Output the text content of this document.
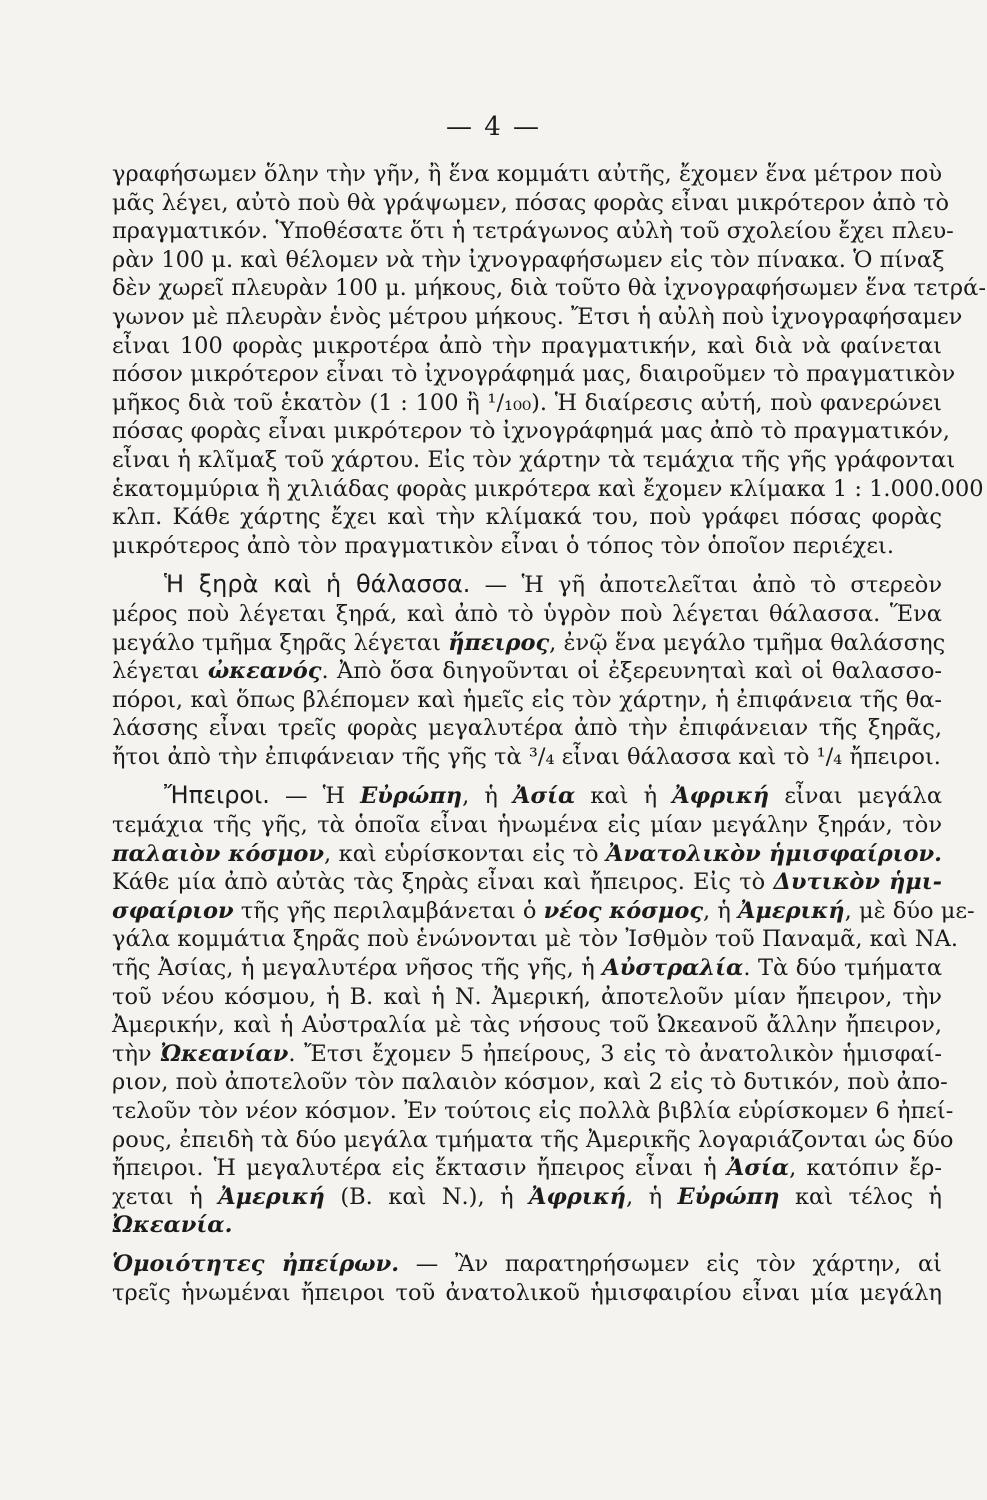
— 4 —
γραφήσωμεν ὅλην τὴν γῆν, ἢ ἕνα κομμάτι αὐτῆς, ἔχομεν ἕνα μέτρον ποὺ
μᾶς λέγει, αὐτὸ ποὺ θὰ γράψωμεν, πόσας φορὰς εἶναι μικρότερον ἀπὸ τὸ
πραγματικόν. Ὑποθέσατε ὅτι ἡ τετράγωνος αὐλὴ τοῦ σχολείου ἔχει πλευ-
ρὰν 100 μ. καὶ θέλομεν νὰ τὴν ἰχνογραφήσωμεν εἰς τὸν πίνακα. Ὁ πίναξ
δὲν χωρεῖ πλευρὰν 100 μ. μήκους, διὰ τοῦτο θὰ ἰχνογραφήσωμεν ἕνα τετρά-
γωνον μὲ πλευρὰν ἑνὸς μέτρου μήκους. Ἔτσι ἡ αὐλὴ ποὺ ἰχνογραφήσαμεν
εἶναι 100 φορὰς μικροτέρα ἀπὸ τὴν πραγματικήν, καὶ διὰ νὰ φαίνεται
πόσον μικρότερον εἶναι τὸ ἰχνογράφημά μας, διαιροῦμεν τὸ πραγματικὸν
μῆκος διὰ τοῦ ἑκατὸν (1 : 100 ἢ ¹/₁₀₀). Ἡ διαίρεσις αὐτή, ποὺ φανερώνει
πόσας φορὰς εἶναι μικρότερον τὸ ἰχνογράφημά μας ἀπὸ τὸ πραγματικόν,
εἶναι ἡ κλῖμαξ τοῦ χάρτου. Εἰς τὸν χάρτην τὰ τεμάχια τῆς γῆς γράφονται
ἑκατομμύρια ἢ χιλιάδας φορὰς μικρότερα καὶ ἔχομεν κλίμακα 1 : 1.000.000
κλπ. Κάθε χάρτης ἔχει καὶ τὴν κλίμακά του, ποὺ γράφει πόσας φορὰς
μικρότερος ἀπὸ τὸν πραγματικὸν εἶναι ὁ τόπος τὸν ὁποῖον περιέχει.
Ἡ ξηρὰ καὶ ἡ θάλασσα. — Ἡ γῆ ἀποτελεῖται ἀπὸ τὸ στερεὸν
μέρος ποὺ λέγεται ξηρά, καὶ ἀπὸ τὸ ὑγρὸν ποὺ λέγεται θάλασσα. Ἕνα
μεγάλο τμῆμα ξηρᾶς λέγεται ἤπειρος, ἐνῷ ἕνα μεγάλο τμῆμα θαλάσσης
λέγεται ὠκεανός. Ἀπὸ ὅσα διηγοῦνται οἱ ἐξερευνηταὶ καὶ οἱ θαλασσο-
πόροι, καὶ ὅπως βλέπομεν καὶ ἡμεῖς εἰς τὸν χάρτην, ἡ ἐπιφάνεια τῆς θα-
λάσσης εἶναι τρεῖς φορὰς μεγαλυτέρα ἀπὸ τὴν ἐπιφάνειαν τῆς ξηρᾶς,
ἤτοι ἀπὸ τὴν ἐπιφάνειαν τῆς γῆς τὰ ³/₄ εἶναι θάλασσα καὶ τὸ ¹/₄ ἤπειροι.
Ἤπειροι. — Ἡ Εὐρώπη, ἡ Ἀσία καὶ ἡ Ἀφρική εἶναι μεγάλα
τεμάχια τῆς γῆς, τὰ ὁποῖα εἶναι ἡνωμένα εἰς μίαν μεγάλην ξηράν, τὸν
παλαιὸν κόσμον, καὶ εὑρίσκονται εἰς τὸ Ἀνατολικὸν ἡμισφαίριον.
Κάθε μία ἀπὸ αὐτὰς τὰς ξηρὰς εἶναι καὶ ἤπειρος. Εἰς τὸ Δυτικὸν ἡμι-
σφαίριον τῆς γῆς περιλαμβάνεται ὁ νέος κόσμος, ἡ Ἀμερική, μὲ δύο με-
γάλα κομμάτια ξηρᾶς ποὺ ἑνώνονται μὲ τὸν Ἰσθμὸν τοῦ Παναμᾶ, καὶ ΝΑ.
τῆς Ἀσίας, ἡ μεγαλυτέρα νῆσος τῆς γῆς, ἡ Αὐστραλία. Τὰ δύο τμήματα
τοῦ νέου κόσμου, ἡ Β. καὶ ἡ Ν. Ἀμερική, ἀποτελοῦν μίαν ἤπειρον, τὴν
Ἀμερικήν, καὶ ἡ Αὐστραλία μὲ τὰς νήσους τοῦ Ὠκεανοῦ ἄλλην ἤπειρον,
τὴν Ὠκεανίαν. Ἔτσι ἔχομεν 5 ἠπείρους, 3 εἰς τὸ ἀνατολικὸν ἡμισφαί-
ριον, ποὺ ἀποτελοῦν τὸν παλαιὸν κόσμον, καὶ 2 εἰς τὸ δυτικόν, ποὺ ἀπο-
τελοῦν τὸν νέον κόσμον. Ἐν τούτοις εἰς πολλὰ βιβλία εὑρίσκομεν 6 ἠπεί-
ρους, ἐπειδὴ τὰ δύο μεγάλα τμήματα τῆς Ἀμερικῆς λογαριάζονται ὡς δύο
ἤπειροι. Ἡ μεγαλυτέρα εἰς ἔκτασιν ἤπειρος εἶναι ἡ Ἀσία, κατόπιν ἔρ-
χεται ἡ Ἀμερική (Β. καὶ Ν.), ἡ Ἀφρική, ἡ Εὐρώπη καὶ τέλος ἡ
Ὠκεανία.
Ὁμοιότητες ἠπείρων. — Ἂν παρατηρήσωμεν εἰς τὸν χάρτην, αἱ
τρεῖς ἡνωμέναι ἤπειροι τοῦ ἀνατολικοῦ ἡμισφαιρίου εἶναι μία μεγάλη
